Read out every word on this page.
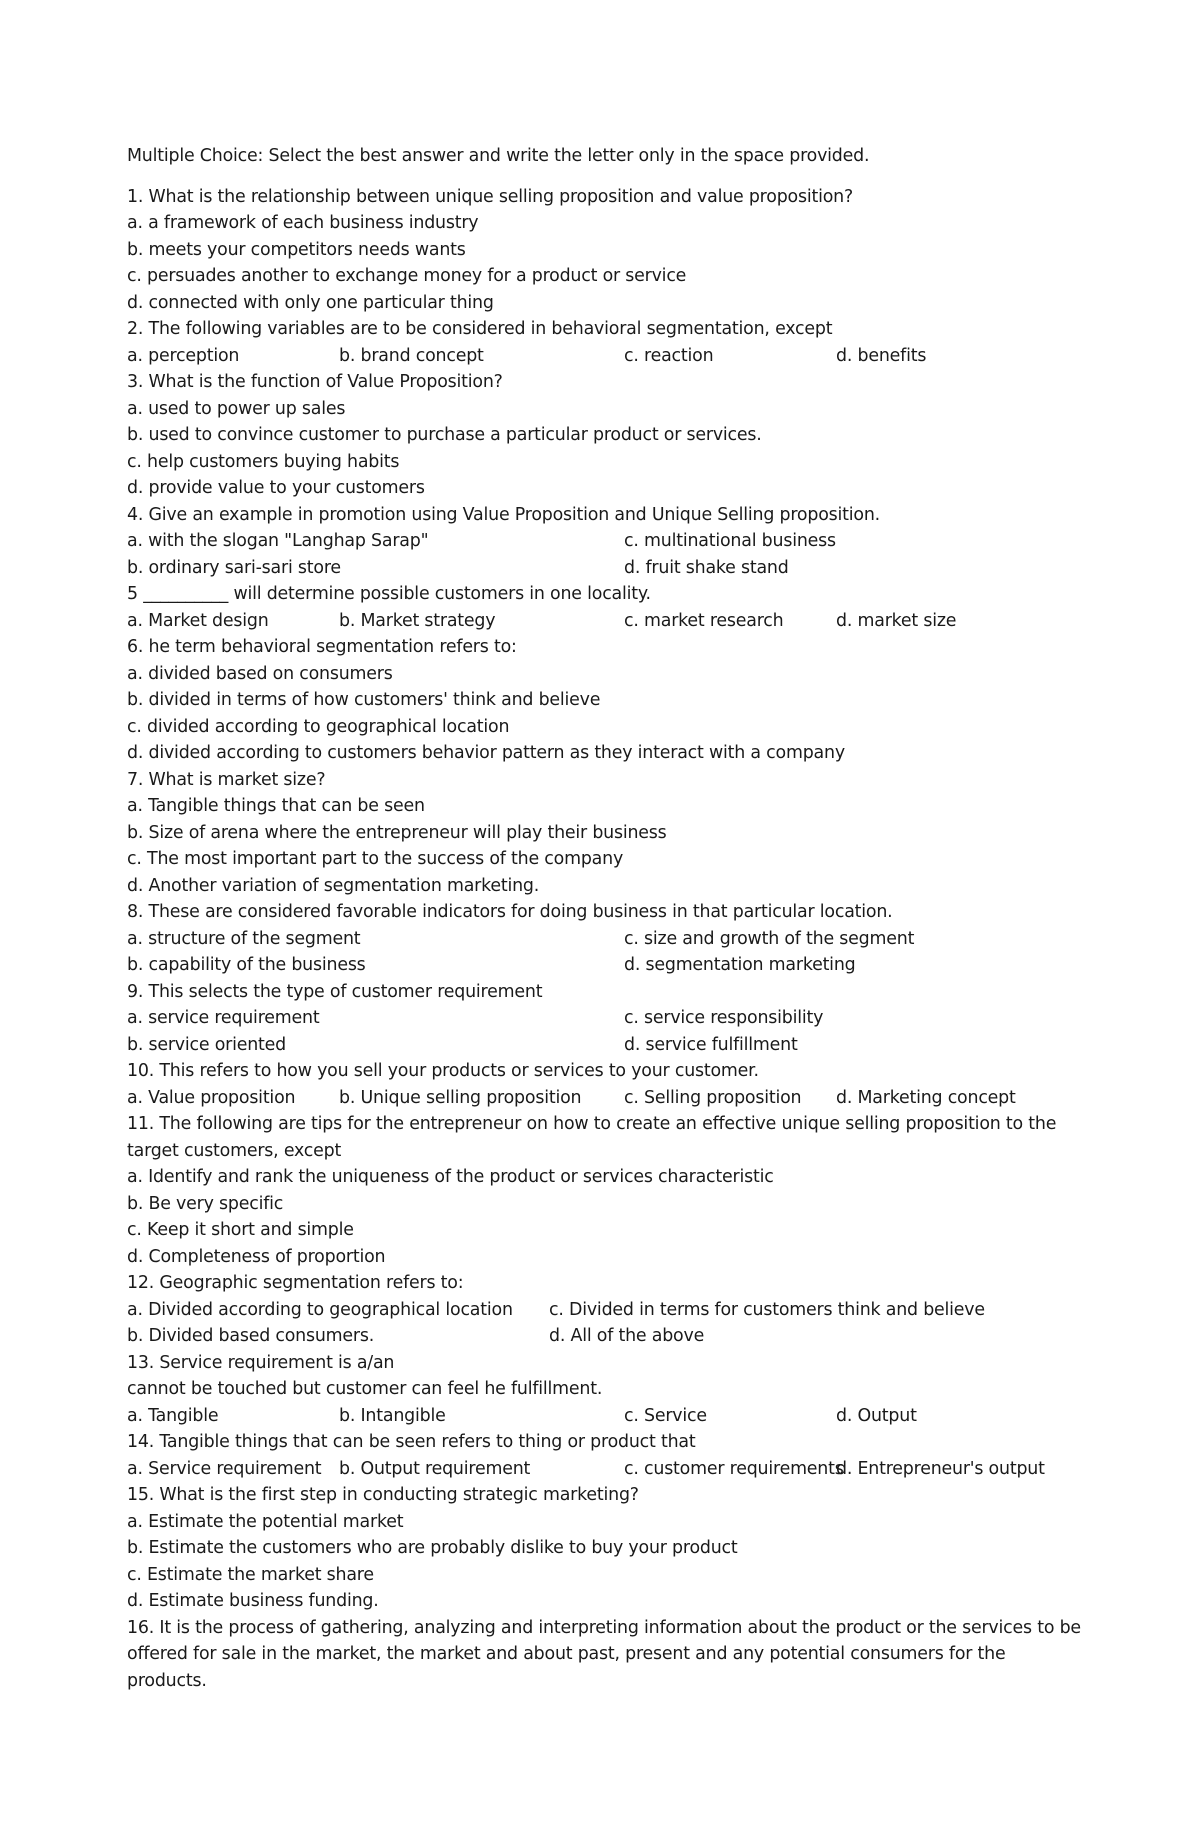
Multiple Choice: Select the best answer and write the letter only in the space provided.
1. What is the relationship between unique selling proposition and value proposition?
a. a framework of each business industry
b. meets your competitors needs wants
c. persuades another to exchange money for a product or service
d. connected with only one particular thing
2. The following variables are to be considered in behavioral segmentation, except
a. perception	b. brand concept	c. reaction	d. benefits
3. What is the function of Value Proposition?
a. used to power up sales
b. used to convince customer to purchase a particular product or services.
c. help customers buying habits
d. provide value to your customers
4. Give an example in promotion using Value Proposition and Unique Selling proposition.
a. with the slogan "Langhap Sarap"	c. multinational business
b. ordinary sari-sari store	d. fruit shake stand
5 __________ will determine possible customers in one locality.
a. Market design	b. Market strategy	c. market research	d. market size
6. he term behavioral segmentation refers to:
a. divided based on consumers
b. divided in terms of how customers' think and believe
c. divided according to geographical location
d. divided according to customers behavior pattern as they interact with a company
7. What is market size?
a. Tangible things that can be seen
b. Size of arena where the entrepreneur will play their business
c. The most important part to the success of the company
d. Another variation of segmentation marketing.
8. These are considered favorable indicators for doing business in that particular location.
a. structure of the segment	c. size and growth of the segment
b. capability of the business	d. segmentation marketing
9. This selects the type of customer requirement
a. service requirement	c. service responsibility
b. service oriented	d. service fulfillment
10. This refers to how you sell your products or services to your customer.
a. Value proposition	b. Unique selling proposition	c. Selling proposition	d. Marketing concept
11. The following are tips for the entrepreneur on how to create an effective unique selling proposition to the target customers, except
a. Identify and rank the uniqueness of the product or services characteristic
b. Be very specific
c. Keep it short and simple
d. Completeness of proportion
12. Geographic segmentation refers to:
a. Divided according to geographical location	c. Divided in terms for customers think and believe
b. Divided based consumers.	d. All of the above
13. Service requirement is a/an
cannot be touched but customer can feel he fulfillment.
a. Tangible	b. Intangible	c. Service	d. Output
14. Tangible things that can be seen refers to thing or product that
a. Service requirement	b. Output requirement	c. customer requirements
d. Entrepreneur's output
15. What is the first step in conducting strategic marketing?
a. Estimate the potential market
b. Estimate the customers who are probably dislike to buy your product
c. Estimate the market share
d. Estimate business funding.
16. It is the process of gathering, analyzing and interpreting information about the product or the services to be offered for sale in the market, the market and about past, present and any potential consumers for the products.
